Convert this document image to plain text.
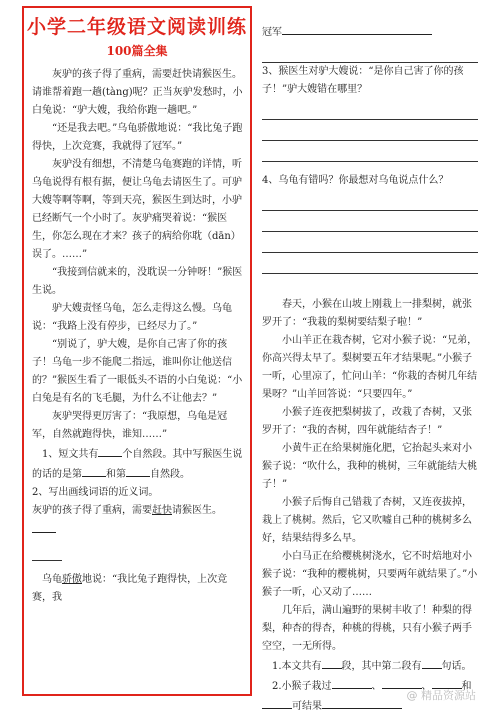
小学二年级语文阅读训练
100篇全集

灰驴的孩子得了重病，需要赶快请猴医生。请谁帮着跑一趟(tàng)呢？正当灰驴发愁时，小白兔说：“驴大嫂，我给你跑一趟吧。”

“还是我去吧。”乌龟骄傲地说：“我比兔子跑得快，上次竞赛，我就得了冠军。”

灰驴没有细想，不清楚乌龟赛跑的详情，听乌龟说得有根有据，便让乌龟去请医生了。可驴大嫂等啊等啊，等到天亮，猴医生到达时，小驴已经断气一个小时了。灰驴痛哭着说：“猴医生，你怎么现在才来？孩子的病给你耽（dān）误了。……”

“我接到信就来的，没耽误一分钟呀！”猴医生说。

驴大嫂责怪乌龟，怎么走得这么慢。乌龟说：“我路上没有停步，已经尽力了。”

“别说了，驴大嫂，是你自己害了你的孩子！乌龟一步不能爬二指远，谁叫你让他送信的？”猴医生看了一眼低头不语的小白兔说：“小白兔是有名的飞毛腿，为什么不让他去？”

灰驴哭得更厉害了：“我原想，乌龟是冠军，自然就跑得快，谁知……”

1、短文共有 个自然段。其中写猴医生说的话的是第 和第 自然段。

2、写出画线词语的近义词。

灰驴的孩子得了重病，需要赶快请猴医生。

乌龟骄傲地说：“我比兔子跑得快，上次竞赛，我

冠军

3、猴医生对驴大嫂说：“是你自己害了你的孩子！”驴大嫂错在哪里？

4、乌龟有错吗？你最想对乌龟说点什么？

春天，小猴在山坡上刚栽上一排梨树，就张罗开了：“我栽的梨树要结梨子啦！”

小山羊正在栽杏树，它对小猴子说：“兄弟，你高兴得太早了。梨树要五年才结果呢。”小猴子一听，心里凉了，忙问山羊：“你栽的杏树几年结果呀？”山羊回答说：“只要四年。”

小猴子连夜把梨树拔了，改栽了杏树，又张罗开了：“我的杏树，四年就能结杏子！”

小黄牛正在给果树施化肥，它抬起头来对小猴子说：“吹什么，我种的桃树，三年就能结大桃子！”

小猴子后悔自己错栽了杏树，又连夜拔掉，栽上了桃树。然后，它又吹嘘自己种的桃树多么好，结果结得多么早。

小白马正在给樱桃树浇水，它不时焙地对小猴子说：“我种的樱桃树，只要两年就结果了。”小猴子一听，心又动了……

几年后，满山遍野的果树丰收了！种梨的得梨，种杏的得杏，种桃的得桃，只有小猴子两手空空，一无所得。

1.本文共有 段，其中第二段有 句话。

2.小猴子栽过	、	、	和

可结果

@ 精品资源站
